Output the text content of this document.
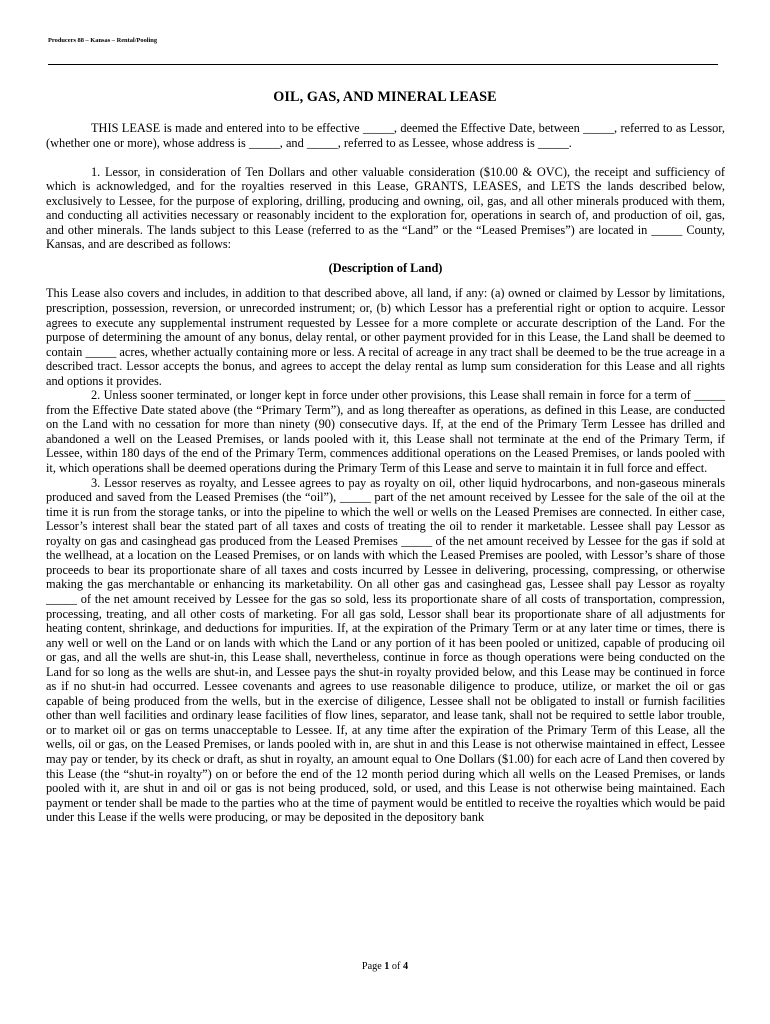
Producers 88 – Kansas – Rental/Pooling
OIL, GAS, AND MINERAL LEASE

THIS LEASE is made and entered into to be effective _____, deemed the Effective Date, between _____, referred to as Lessor, (whether one or more), whose address is _____, and _____, referred to as Lessee, whose address is _____.

1. Lessor, in consideration of Ten Dollars and other valuable consideration ($10.00 & OVC), the receipt and sufficiency of which is acknowledged, and for the royalties reserved in this Lease, GRANTS, LEASES, and LETS the lands described below, exclusively to Lessee, for the purpose of exploring, drilling, producing and owning, oil, gas, and all other minerals produced with them, and conducting all activities necessary or reasonably incident to the exploration for, operations in search of, and production of oil, gas, and other minerals. The lands subject to this Lease (referred to as the “Land” or the “Leased Premises”) are located in _____ County, Kansas, and are described as follows:

(Description of Land)

This Lease also covers and includes, in addition to that described above, all land, if any: (a) owned or claimed by Lessor by limitations, prescription, possession, reversion, or unrecorded instrument; or, (b) which Lessor has a preferential right or option to acquire. Lessor agrees to execute any supplemental instrument requested by Lessee for a more complete or accurate description of the Land. For the purpose of determining the amount of any bonus, delay rental, or other payment provided for in this Lease, the Land shall be deemed to contain _____ acres, whether actually containing more or less. A recital of acreage in any tract shall be deemed to be the true acreage in a described tract. Lessor accepts the bonus, and agrees to accept the delay rental as lump sum consideration for this Lease and all rights and options it provides.

2. Unless sooner terminated, or longer kept in force under other provisions, this Lease shall remain in force for a term of _____ from the Effective Date stated above (the “Primary Term”), and as long thereafter as operations, as defined in this Lease, are conducted on the Land with no cessation for more than ninety (90) consecutive days. If, at the end of the Primary Term Lessee has drilled and abandoned a well on the Leased Premises, or lands pooled with it, this Lease shall not terminate at the end of the Primary Term, if Lessee, within 180 days of the end of the Primary Term, commences additional operations on the Leased Premises, or lands pooled with it, which operations shall be deemed operations during the Primary Term of this Lease and serve to maintain it in full force and effect.

3. Lessor reserves as royalty, and Lessee agrees to pay as royalty on oil, other liquid hydrocarbons, and non-gaseous minerals produced and saved from the Leased Premises (the “oil”), _____ part of the net amount received by Lessee for the sale of the oil at the time it is run from the storage tanks, or into the pipeline to which the well or wells on the Leased Premises are connected. In either case, Lessor’s interest shall bear the stated part of all taxes and costs of treating the oil to render it marketable. Lessee shall pay Lessor as royalty on gas and casinghead gas produced from the Leased Premises _____ of the net amount received by Lessee for the gas if sold at the wellhead, at a location on the Leased Premises, or on lands with which the Leased Premises are pooled, with Lessor’s share of those proceeds to bear its proportionate share of all taxes and costs incurred by Lessee in delivering, processing, compressing, or otherwise making the gas merchantable or enhancing its marketability. On all other gas and casinghead gas, Lessee shall pay Lessor as royalty _____ of the net amount received by Lessee for the gas so sold, less its proportionate share of all costs of transportation, compression, processing, treating, and all other costs of marketing. For all gas sold, Lessor shall bear its proportionate share of all adjustments for heating content, shrinkage, and deductions for impurities. If, at the expiration of the Primary Term or at any later time or times, there is any well or well on the Land or on lands with which the Land or any portion of it has been pooled or unitized, capable of producing oil or gas, and all the wells are shut-in, this Lease shall, nevertheless, continue in force as though operations were being conducted on the Land for so long as the wells are shut-in, and Lessee pays the shut-in royalty provided below, and this Lease may be continued in force as if no shut-in had occurred. Lessee covenants and agrees to use reasonable diligence to produce, utilize, or market the oil or gas capable of being produced from the wells, but in the exercise of diligence, Lessee shall not be obligated to install or furnish facilities other than well facilities and ordinary lease facilities of flow lines, separator, and lease tank, shall not be required to settle labor trouble, or to market oil or gas on terms unacceptable to Lessee. If, at any time after the expiration of the Primary Term of this Lease, all the wells, oil or gas, on the Leased Premises, or lands pooled with in, are shut in and this Lease is not otherwise maintained in effect, Lessee may pay or tender, by its check or draft, as shut in royalty, an amount equal to One Dollars ($1.00) for each acre of Land then covered by this Lease (the “shut-in royalty”) on or before the end of the 12 month period during which all wells on the Leased Premises, or lands pooled with it, are shut in and oil or gas is not being produced, sold, or used, and this Lease is not otherwise being maintained. Each payment or tender shall be made to the parties who at the time of payment would be entitled to receive the royalties which would be paid under this Lease if the wells were producing, or may be deposited in the depository bank

Page 1 of 4
